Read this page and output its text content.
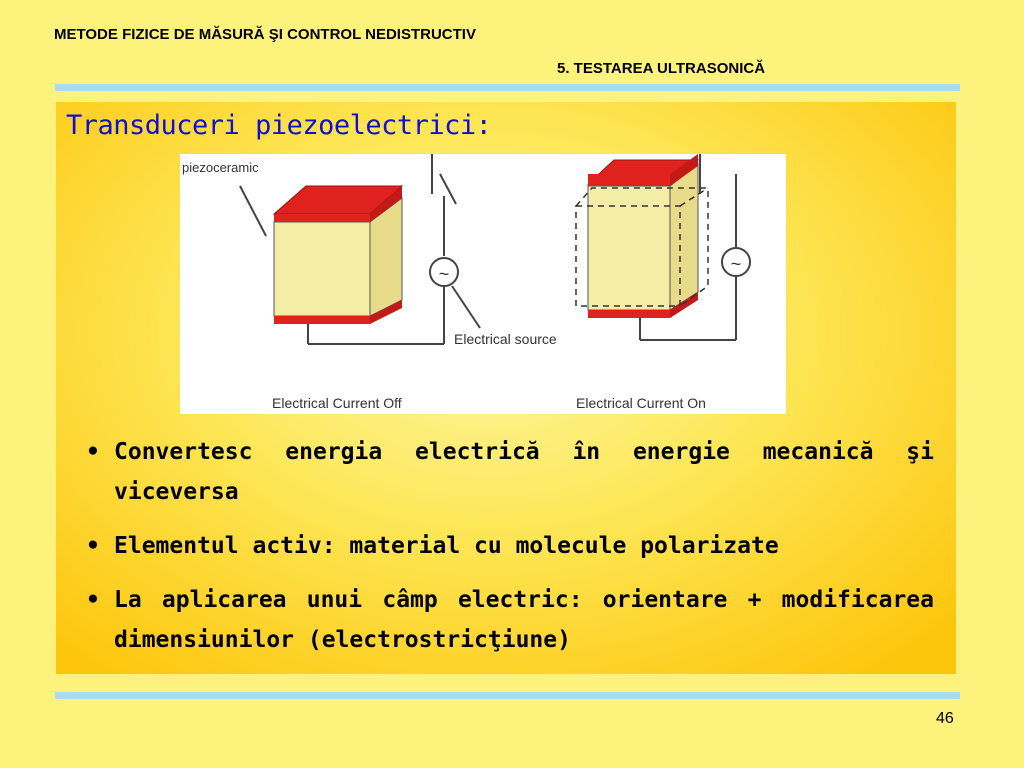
METODE FIZICE DE MĂSURĂ ŞI CONTROL NEDISTRUCTIV
5. TESTAREA ULTRASONICĂ
Transduceri piezoelectrici:
~	~
piezoceramic
Electrical source
Electrical Current Off	Electrical Current On
• Convertesc energia electrică în energie mecanică şi viceversa
• Elementul activ: material cu molecule polarizate
• La aplicarea unui câmp electric: orientare + modificarea dimensiunilor (electrostricţiune)
46
